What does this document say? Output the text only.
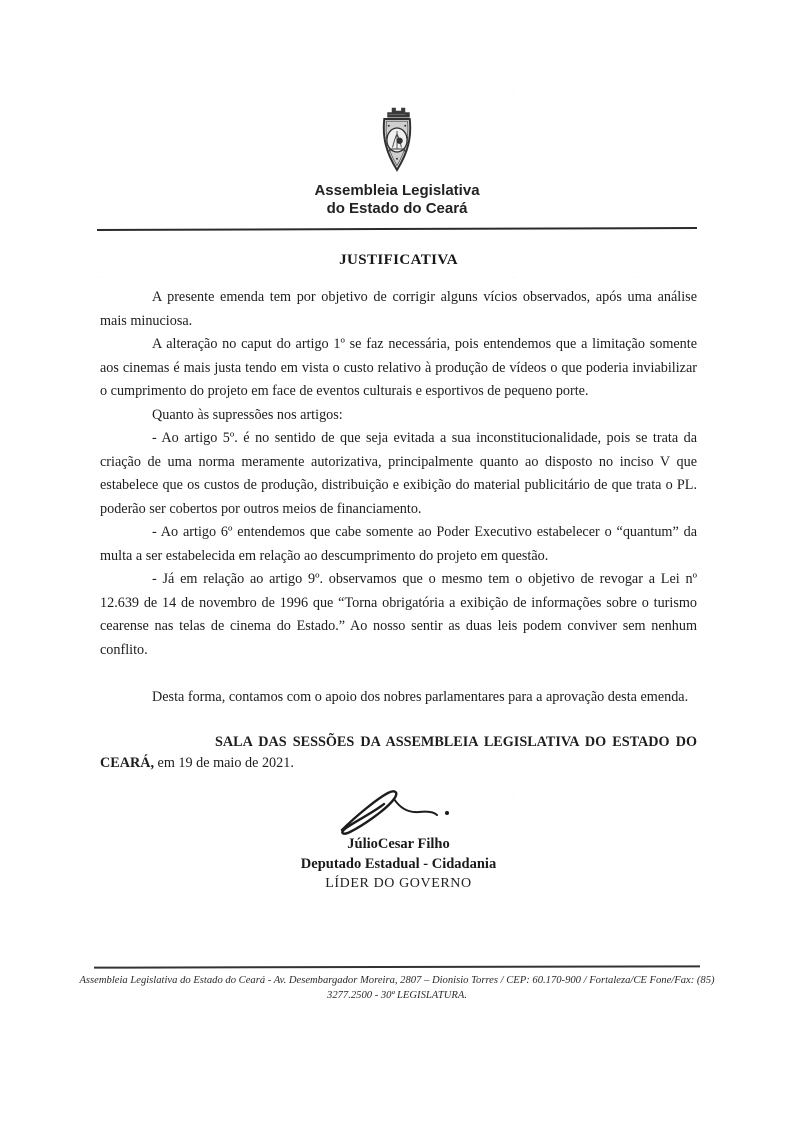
Assembleia Legislativa
do Estado do Ceará
JUSTIFICATIVA

A presente emenda tem por objetivo de corrigir alguns vícios observados, após uma análise mais minuciosa.

A alteração no caput do artigo 1º se faz necessária, pois entendemos que a limitação somente aos cinemas é mais justa tendo em vista o custo relativo à produção de vídeos o que poderia inviabilizar o cumprimento do projeto em face de eventos culturais e esportivos de pequeno porte.

Quanto às supressões nos artigos:

- Ao artigo 5º. é no sentido de que seja evitada a sua inconstitucionalidade, pois se trata da criação de uma norma meramente autorizativa, principalmente quanto ao disposto no inciso V que estabelece que os custos de produção, distribuição e exibição do material publicitário de que trata o PL. poderão ser cobertos por outros meios de financiamento.

- Ao artigo 6º entendemos que cabe somente ao Poder Executivo estabelecer o “quantum” da multa a ser estabelecida em relação ao descumprimento do projeto em questão.

- Já em relação ao artigo 9º. observamos que o mesmo tem o objetivo de revogar a Lei nº 12.639 de 14 de novembro de 1996 que “Torna obrigatória a exibição de informações sobre o turismo cearense nas telas de cinema do Estado.” Ao nosso sentir as duas leis podem conviver sem nenhum conflito.

Desta forma, contamos com o apoio dos nobres parlamentares para a aprovação desta emenda.

SALA DAS SESSÕES DA ASSEMBLEIA LEGISLATIVA DO ESTADO DO CEARÁ, em 19 de maio de 2021.

JúlioCesar Filho
Deputado Estadual - Cidadania
LÍDER DO GOVERNO
Assembleia Legislativa do Estado do Ceará - Av. Desembargador Moreira, 2807 – Dionisio Torres / CEP: 60.170-900 / Fortaleza/CE Fone/Fax: (85)
3277.2500 - 30ª LEGISLATURA.
